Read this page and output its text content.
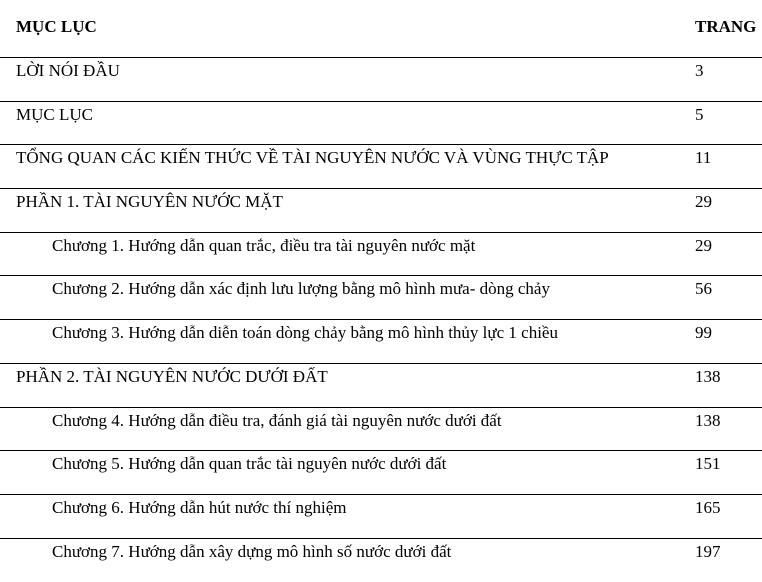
MỤC LỤC	TRANG
LỜI NÓI ĐẦU	3
MỤC LỤC	5
TỔNG QUAN CÁC KIẾN THỨC VỀ TÀI NGUYÊN NƯỚC VÀ VÙNG THỰC TẬP	11
PHẦN 1. TÀI NGUYÊN NƯỚC MẶT	29
Chương 1. Hướng dẫn quan trắc, điều tra tài nguyên nước mặt	29
Chương 2. Hướng dẫn xác định lưu lượng bằng mô hình mưa- dòng chảy	56
Chương 3. Hướng dẫn diễn toán dòng chảy bằng mô hình thủy lực 1 chiều	99
PHẦN 2. TÀI NGUYÊN NƯỚC DƯỚI ĐẤT	138
Chương 4. Hướng dẫn điều tra, đánh giá tài nguyên nước dưới đất	138
Chương 5. Hướng dẫn quan trắc tài nguyên nước dưới đất	151
Chương 6. Hướng dẫn hút nước thí nghiệm	165
Chương 7. Hướng dẫn xây dựng mô hình số nước dưới đất	197
